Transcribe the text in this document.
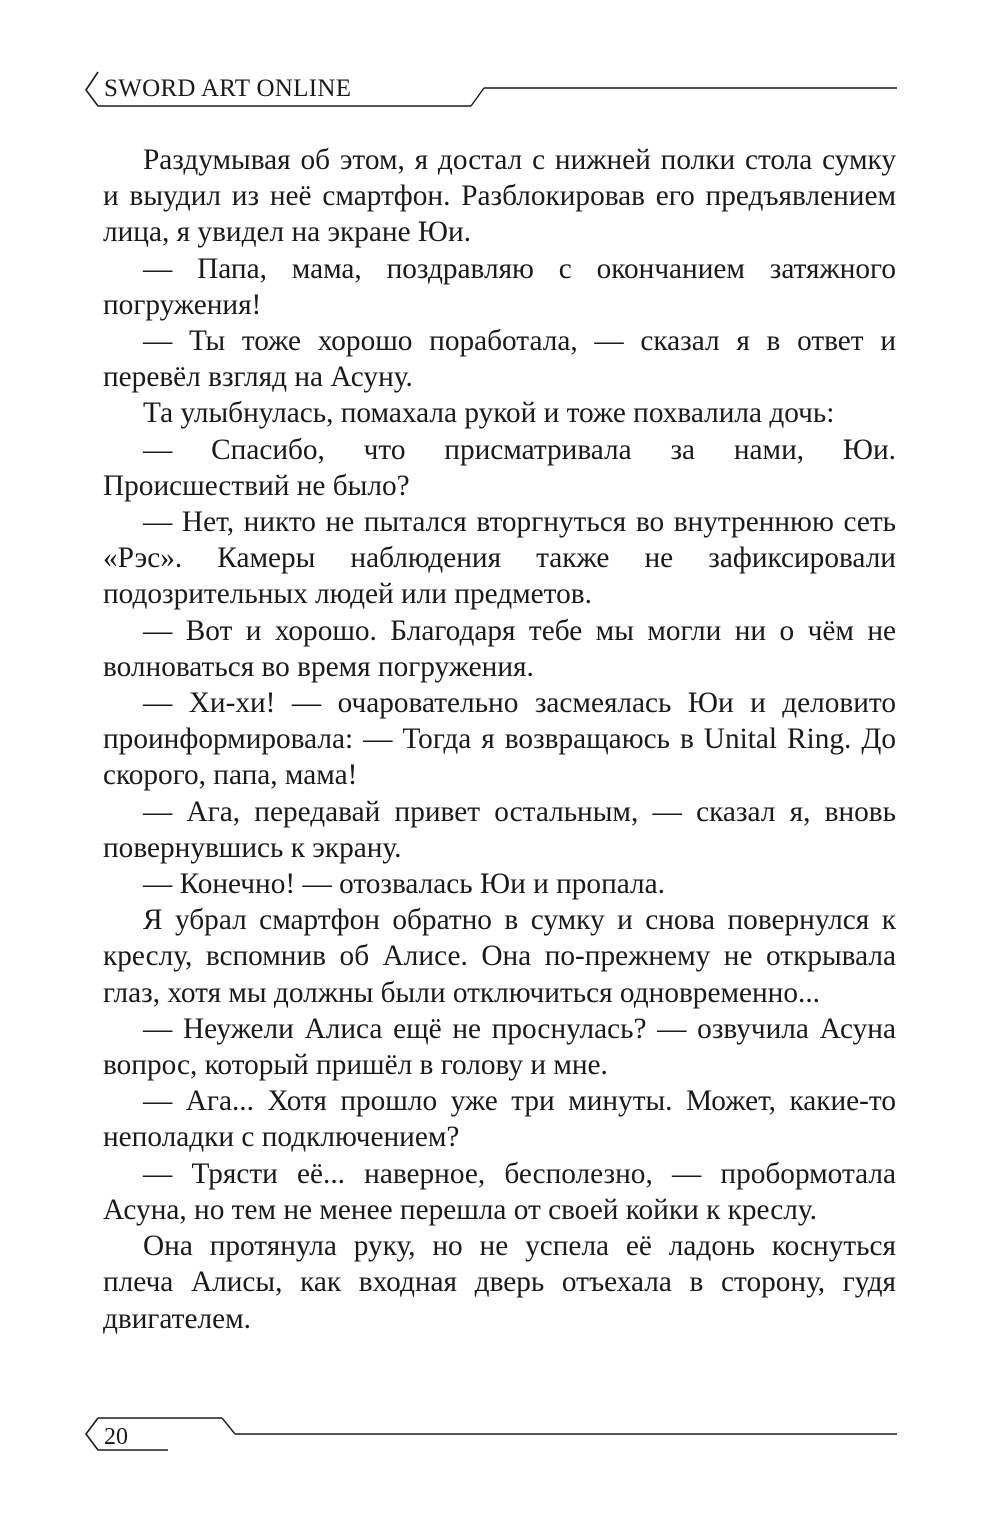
SWORD ART ONLINE

Раздумывая об этом, я достал с нижней полки стола сумку и выудил из неё смартфон. Разблокировав его предъявлением лица, я увидел на экране Юи.

— Папа, мама, поздравляю с окончанием затяжного погружения!

— Ты тоже хорошо поработала, — сказал я в ответ и перевёл взгляд на Асуну.

Та улыбнулась, помахала рукой и тоже похвалила дочь:

— Спасибо, что присматривала за нами, Юи. Происшествий не было?

— Нет, никто не пытался вторгнуться во внутреннюю сеть «Рэс». Камеры наблюдения также не зафиксировали подозрительных людей или предметов.

— Вот и хорошо. Благодаря тебе мы могли ни о чём не волноваться во время погружения.

— Хи-хи! — очаровательно засмеялась Юи и деловито проинформировала: — Тогда я возвращаюсь в Unital Ring. До скорого, папа, мама!

— Ага, передавай привет остальным, — сказал я, вновь повернувшись к экрану.

— Конечно! — отозвалась Юи и пропала.

Я убрал смартфон обратно в сумку и снова повернулся к креслу, вспомнив об Алисе. Она по-прежнему не открывала глаз, хотя мы должны были отключиться одновременно...

— Неужели Алиса ещё не проснулась? — озвучила Асуна вопрос, который пришёл в голову и мне.

— Ага... Хотя прошло уже три минуты. Может, какие-то неполадки с подключением?

— Трясти её... наверное, бесполезно, — пробормотала Асуна, но тем не менее перешла от своей койки к креслу.

Она протянула руку, но не успела её ладонь коснуться плеча Алисы, как входная дверь отъехала в сторону, гудя двигателем.

20
